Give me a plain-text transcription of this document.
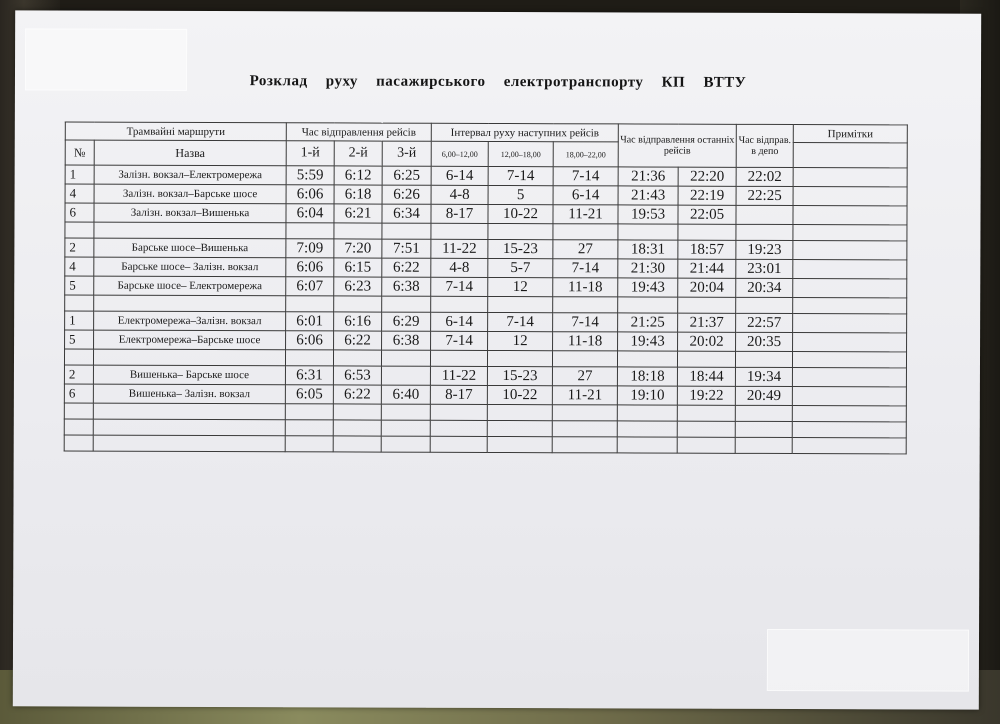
Розклад руху пасажирського електротранспорту КП ВТТУ
Трамвайні маршрути		Час відправлення рейсів			Інтервал руху наступних рейсів			Час відправлення останніх рейсів		Час відправ. в депо	Примітки
№	Назва	1-й	2-й	3-й	6,00–12,00	12,00–18,00	18,00–22,00				
1	Залізн. вокзал–Електромережа	5:59	6:12	6:25	6-14	7-14	7-14	21:36	22:20	22:02	
4	Залізн. вокзал–Барське шосе	6:06	6:18	6:26	4-8	5	6-14	21:43	22:19	22:25	
6	Залізн. вокзал–Вишенька	6:04	6:21	6:34	8-17	10-22	11-21	19:53	22:05		

2	Барське шосе–Вишенька	7:09	7:20	7:51	11-22	15-23	27	18:31	18:57	19:23	
4	Барське шосе– Залізн. вокзал	6:06	6:15	6:22	4-8	5-7	7-14	21:30	21:44	23:01	
5	Барське шосе– Електромережа	6:07	6:23	6:38	7-14	12	11-18	19:43	20:04	20:34	

1	Електромережа–Залізн. вокзал	6:01	6:16	6:29	6-14	7-14	7-14	21:25	21:37	22:57	
5	Електромережа–Барське шосе	6:06	6:22	6:38	7-14	12	11-18	19:43	20:02	20:35	

2	Вишенька– Барське шосе	6:31	6:53		11-22	15-23	27	18:18	18:44	19:34	
6	Вишенька– Залізн. вокзал	6:05	6:22	6:40	8-17	10-22	11-21	19:10	19:22	20:49	
